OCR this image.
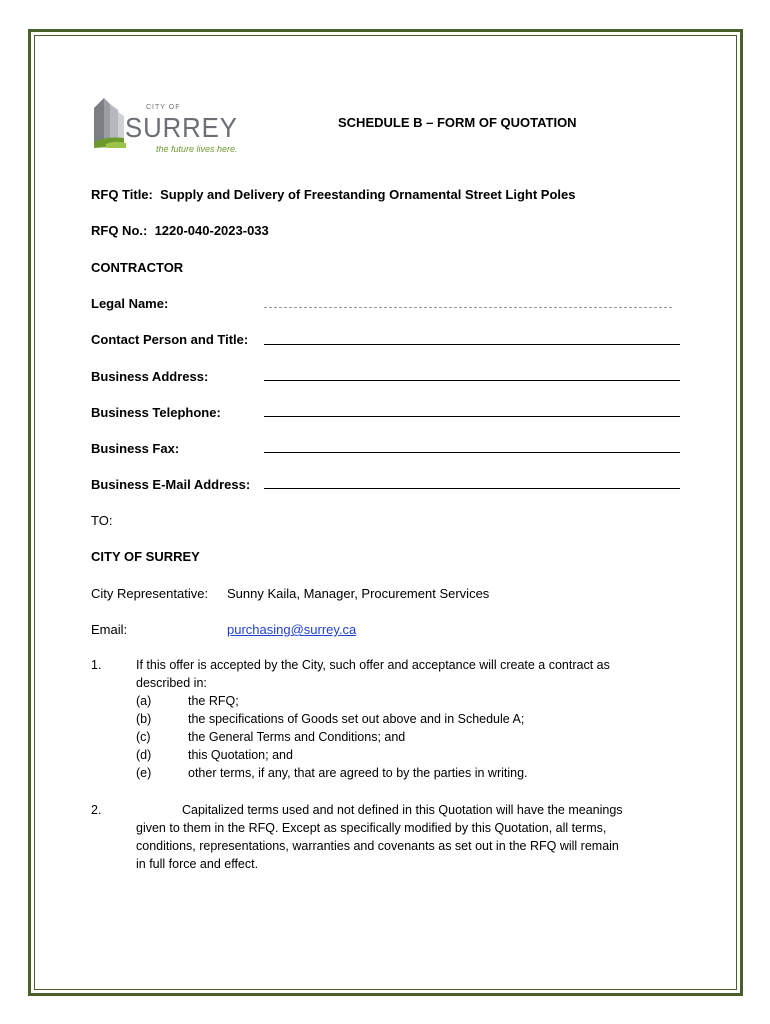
CITY OF
SURREY
the future lives here.
SCHEDULE B – FORM OF QUOTATION
RFQ Title: Supply and Delivery of Freestanding Ornamental Street Light Poles
RFQ No.: 1220-040-2023-033
CONTRACTOR
Legal Name:
Contact Person and Title:
Business Address:
Business Telephone:
Business Fax:
Business E-Mail Address:
TO:
CITY OF SURREY
City Representative: Sunny Kaila, Manager, Procurement Services
Email:	purchasing@surrey.ca
1.	If this offer is accepted by the City, such offer and acceptance will create a contract as
described in:
(a)	the RFQ;
(b)	the specifications of Goods set out above and in Schedule A;
(c)	the General Terms and Conditions; and
(d)	this Quotation; and
(e)	other terms, if any, that are agreed to by the parties in writing.
2.	Capitalized terms used and not defined in this Quotation will have the meanings
given to them in the RFQ. Except as specifically modified by this Quotation, all terms,
conditions, representations, warranties and covenants as set out in the RFQ will remain
in full force and effect.
